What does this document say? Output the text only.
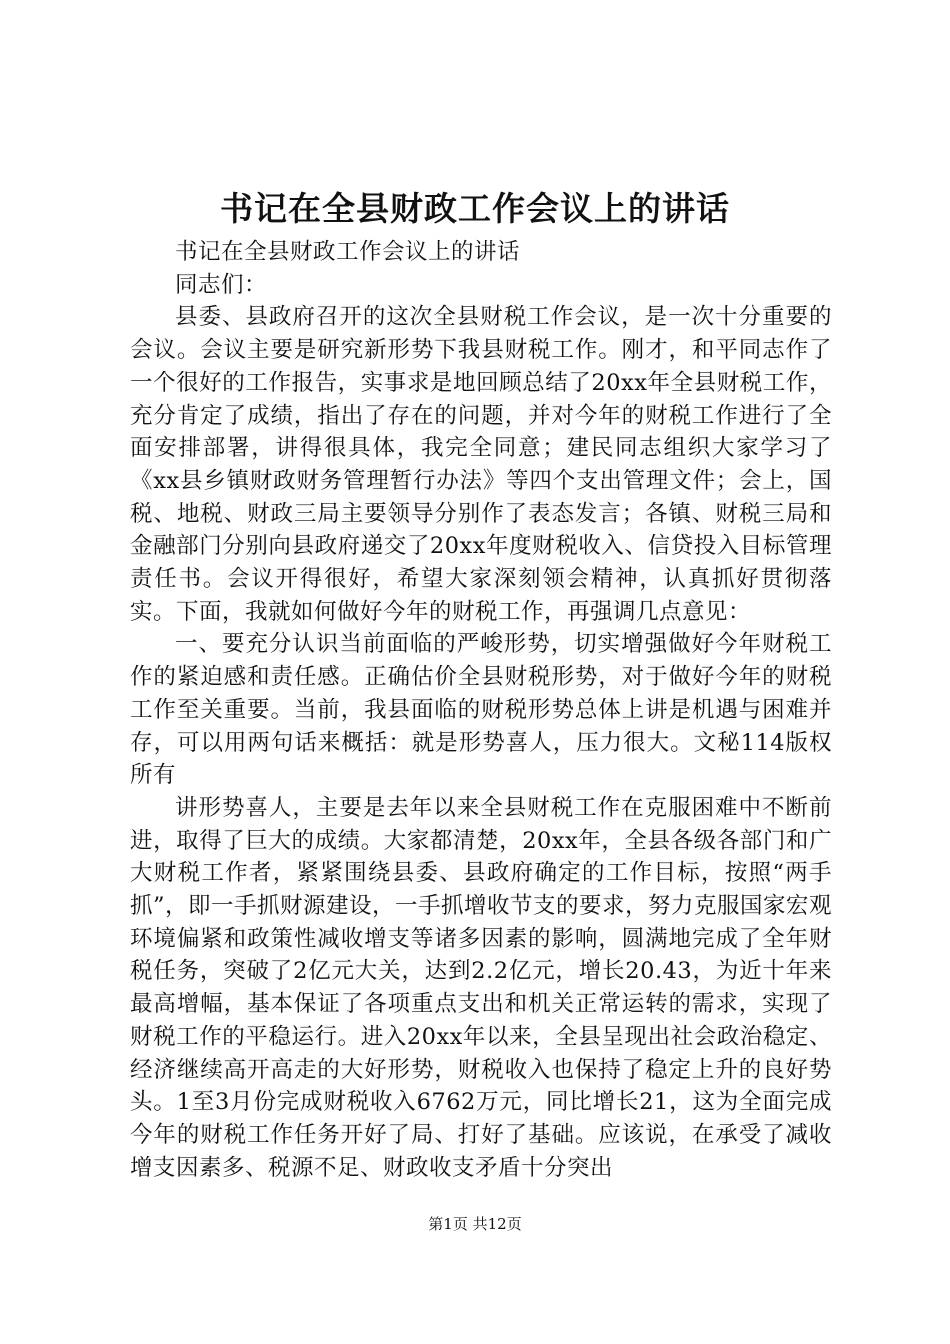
书记在全县财政工作会议上的讲话

书记在全县财政工作会议上的讲话

同志们：

县委、县政府召开的这次全县财税工作会议，是一次十分重要的会议。会议主要是研究新形势下我县财税工作。刚才，和平同志作了一个很好的工作报告，实事求是地回顾总结了20xx年全县财税工作，充分肯定了成绩，指出了存在的问题，并对今年的财税工作进行了全面安排部署，讲得很具体，我完全同意；建民同志组织大家学习了《xx县乡镇财政财务管理暂行办法》等四个支出管理文件；会上，国税、地税、财政三局主要领导分别作了表态发言；各镇、财税三局和金融部门分别向县政府递交了20xx年度财税收入、信贷投入目标管理责任书。会议开得很好，希望大家深刻领会精神，认真抓好贯彻落实。下面，我就如何做好今年的财税工作，再强调几点意见：

一、要充分认识当前面临的严峻形势，切实增强做好今年财税工作的紧迫感和责任感。正确估价全县财税形势，对于做好今年的财税工作至关重要。当前，我县面临的财税形势总体上讲是机遇与困难并存，可以用两句话来概括：就是形势喜人，压力很大。文秘114版权所有

讲形势喜人，主要是去年以来全县财税工作在克服困难中不断前进，取得了巨大的成绩。大家都清楚，20xx年，全县各级各部门和广大财税工作者，紧紧围绕县委、县政府确定的工作目标，按照“两手抓”，即一手抓财源建设，一手抓增收节支的要求，努力克服国家宏观环境偏紧和政策性减收增支等诸多因素的影响，圆满地完成了全年财税任务，突破了2亿元大关，达到2.2亿元，增长20.43，为近十年来最高增幅，基本保证了各项重点支出和机关正常运转的需求，实现了财税工作的平稳运行。进入20xx年以来，全县呈现出社会政治稳定、经济继续高开高走的大好形势，财税收入也保持了稳定上升的良好势头。1至3月份完成财税收入6762万元，同比增长21，这为全面完成今年的财税工作任务开好了局、打好了基础。应该说，在承受了减收增支因素多、税源不足、财政收支矛盾十分突出

第1页 共12页
